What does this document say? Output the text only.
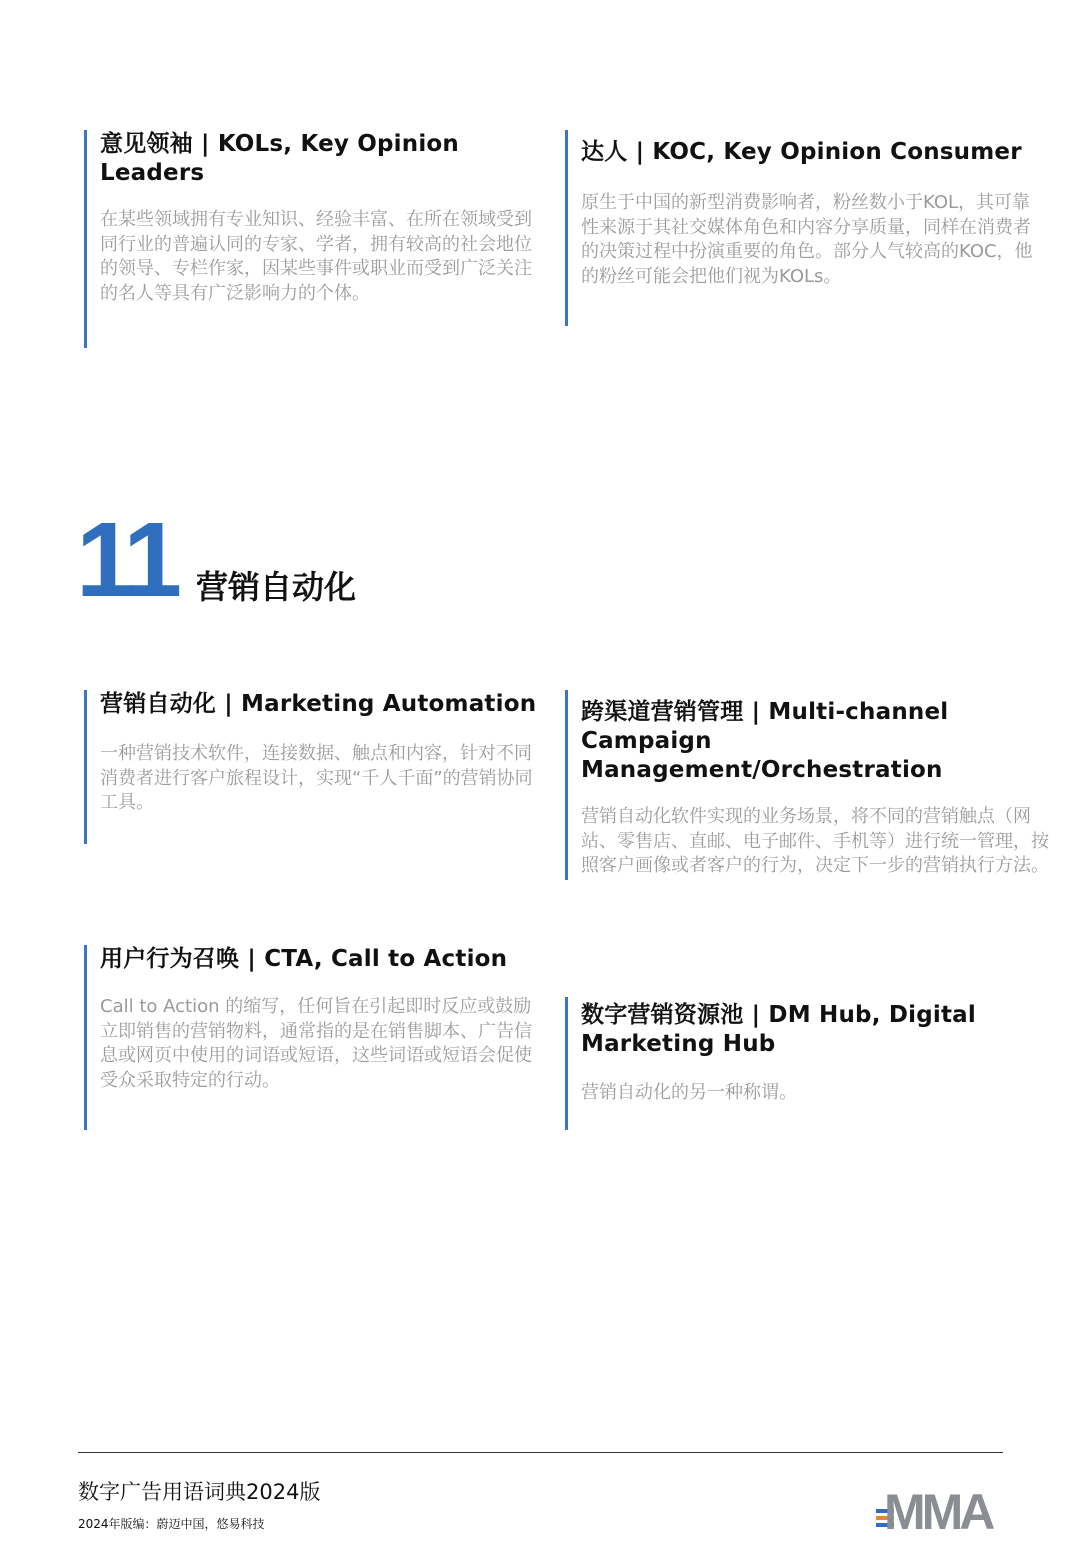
意见领袖 | KOLs, Key Opinion Leaders

在某些领域拥有专业知识、经验丰富、在所在领域受到同行业的普遍认同的专家、学者，拥有较高的社会地位的领导、专栏作家，因某些事件或职业而受到广泛关注的名人等具有广泛影响力的个体。

达人 | KOC, Key Opinion Consumer

原生于中国的新型消费影响者，粉丝数小于KOL，其可靠性来源于其社交媒体角色和内容分享质量，同样在消费者的决策过程中扮演重要的角色。部分人气较高的KOC，他的粉丝可能会把他们视为KOLs。

11 营销自动化
营销自动化 | Marketing Automation

一种营销技术软件，连接数据、触点和内容，针对不同消费者进行客户旅程设计，实现“千人千面”的营销协同工具。

跨渠道营销管理 | Multi-channel Campaign Management/Orchestration

营销自动化软件实现的业务场景，将不同的营销触点（网站、零售店、直邮、电子邮件、手机等）进行统一管理，按照客户画像或者客户的行为，决定下一步的营销执行方法。

用户行为召唤 | CTA, Call to Action

Call to Action 的缩写，任何旨在引起即时反应或鼓励立即销售的营销物料，通常指的是在销售脚本、广告信息或网页中使用的词语或短语，这些词语或短语会促使受众采取特定的行动。

数字营销资源池 | DM Hub, Digital Marketing Hub

营销自动化的另一种称谓。

数字广告用语词典2024版
2024年版编：蔚迈中国，悠易科技	MMA
